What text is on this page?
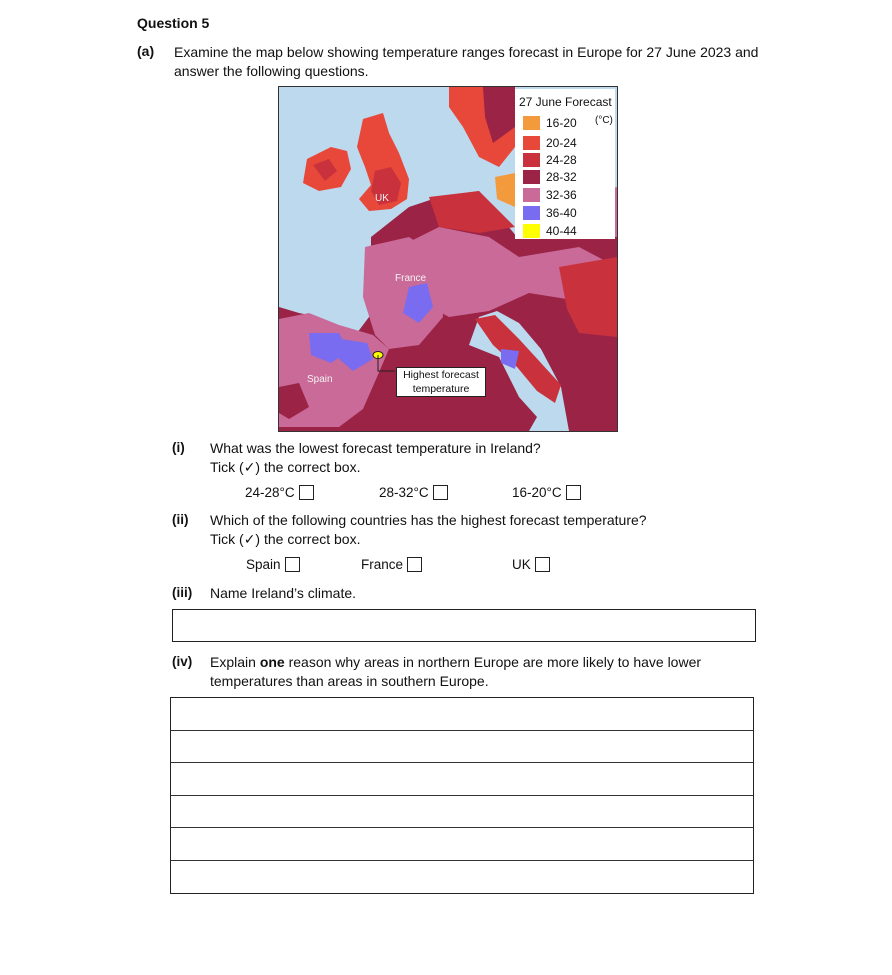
Question 5
(a) Examine the map below showing temperature ranges forecast in Europe for 27 June 2023 and answer the following questions.
27 June Forecast
(°C)
16-20
20-24
24-28
28-32
32-36
36-40
40-44
UK
France
Spain	Highest forecast temperature
(i) What was the lowest forecast temperature in Ireland?
Tick (✓) the correct box.
24-28°C	28-32°C	16-20°C
(ii) Which of the following countries has the highest forecast temperature?
Tick (✓) the correct box.
Spain	France	UK
(iii) Name Ireland’s climate.
(iv) Explain one reason why areas in northern Europe are more likely to have lower temperatures than areas in southern Europe.
